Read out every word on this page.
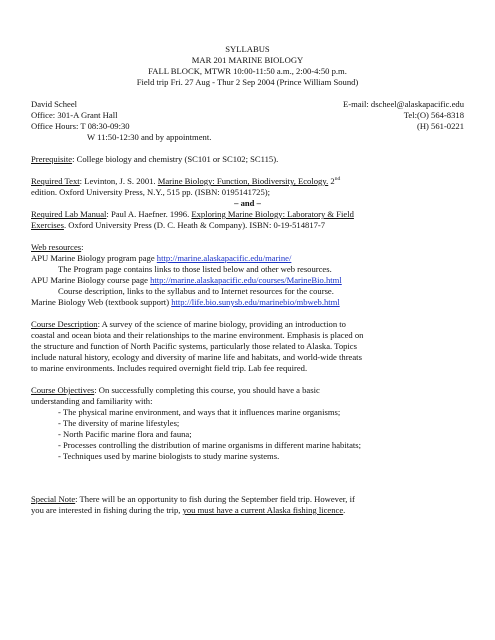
SYLLABUS
MAR 201 MARINE BIOLOGY
FALL BLOCK, MTWR 10:00-11:50 a.m., 2:00-4:50 p.m.
Field trip Fri. 27 Aug - Thur 2 Sep 2004 (Prince William Sound)
David Scheel	E-mail: dscheel@alaskapacific.edu
Office: 301-A Grant Hall	Tel:(O) 564-8318
Office Hours: T 08:30-09:30	(H) 561-0221
W 11:50-12:30 and by appointment.
Prerequisite: College biology and chemistry (SC101 or SC102; SC115).
Required Text: Levinton, J. S. 2001. Marine Biology: Function, Biodiversity, Ecology. 2nd
edition. Oxford University Press, N.Y., 515 pp. (ISBN: 0195141725);
– and –
Required Lab Manual: Paul A. Haefner. 1996. Exploring Marine Biology: Laboratory & Field
Exercises. Oxford University Press (D. C. Heath & Company). ISBN: 0-19-514817-7
Web resources:
APU Marine Biology program page http://marine.alaskapacific.edu/marine/
The Program page contains links to those listed below and other web resources.
APU Marine Biology course page http://marine.alaskapacific.edu/courses/MarineBio.html
Course description, links to the syllabus and to Internet resources for the course.
Marine Biology Web (textbook support) http://life.bio.sunysb.edu/marinebio/mbweb.html
Course Description: A survey of the science of marine biology, providing an introduction to
coastal and ocean biota and their relationships to the marine environment. Emphasis is placed on
the structure and function of North Pacific systems, particularly those related to Alaska. Topics
include natural history, ecology and diversity of marine life and habitats, and world-wide threats
to marine environments. Includes required overnight field trip. Lab fee required.
Course Objectives: On successfully completing this course, you should have a basic
understanding and familiarity with:
- The physical marine environment, and ways that it influences marine organisms;
- The diversity of marine lifestyles;
- North Pacific marine flora and fauna;
- Processes controlling the distribution of marine organisms in different marine habitats;
- Techniques used by marine biologists to study marine systems.
Special Note: There will be an opportunity to fish during the September field trip. However, if
you are interested in fishing during the trip, you must have a current Alaska fishing licence.
